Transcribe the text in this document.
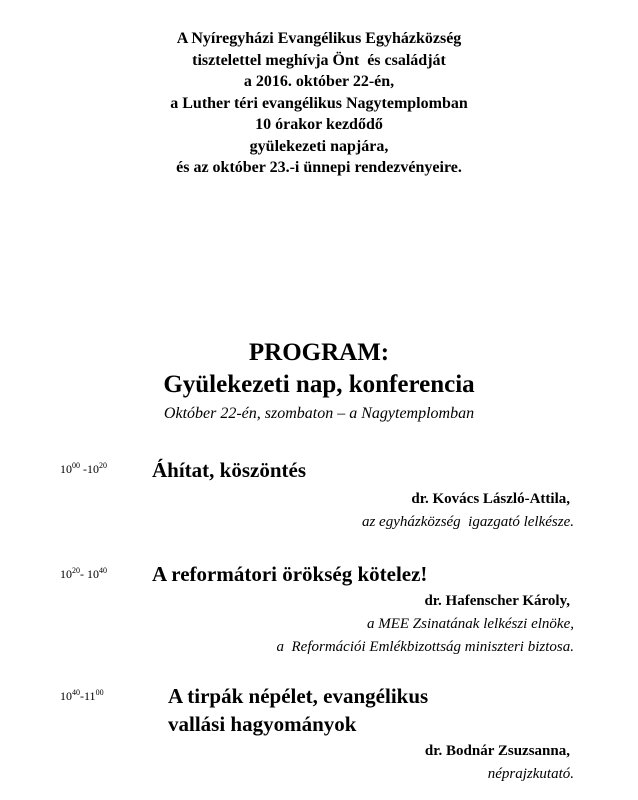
A Nyíregyházi Evangélikus Egyházközség
tisztelettel meghívja Önt  és családját
a 2016. október 22-én,
a Luther téri evangélikus Nagytemplomban
10 órakor kezdődő
gyülekezeti napjára,
és az október 23.-i ünnepi rendezvényeire.
PROGRAM:
Gyülekezeti nap, konferencia
Október 22-én, szombaton – a Nagytemplomban
$10^{00}$ $-10^{20}$ Áhítat, köszöntés
dr. Kovács László-Attila,
az egyházközség  igazgató lelkésze.
$10^{20}-$ $10^{40}$ A reformátori örökség kötelez!
dr. Hafenscher Károly,
a MEE Zsinatának lelkészi elnöke,
a  Reformációi Emlékbizottság miniszteri biztosa.
$10^{40}-11^{00}$	A tirpák népélet, evangélikus
vallási hagyományok
dr. Bodnár Zsuzsanna,
néprajzkutató.
